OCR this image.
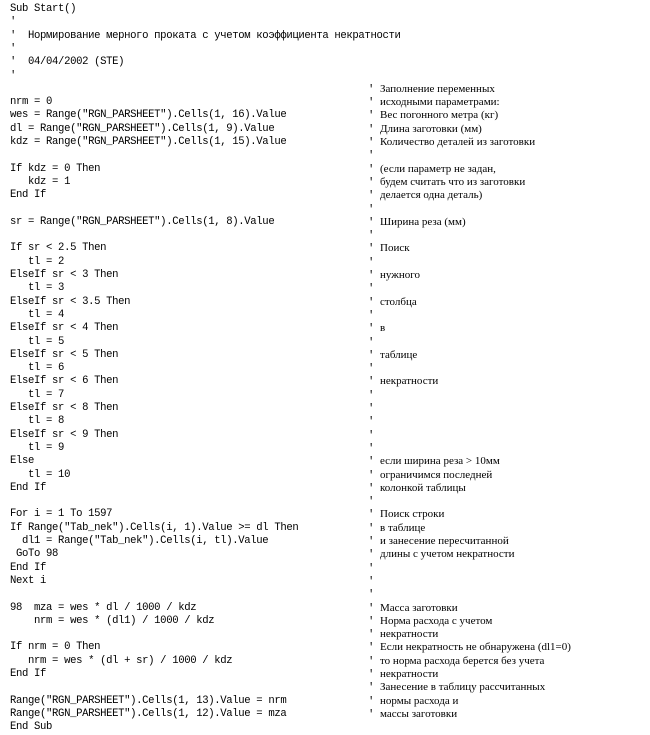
Sub Start()
'
'  Нормирование мерного проката с учетом коэффициента некратности
'
'  04/04/2002 (STE)
'
' Заполнение переменных
nrm = 0	' исходными параметрами:
wes = Range("RGN_PARSHEET").Cells(1, 16).Value	' Вес погонного метра (кг)
dl = Range("RGN_PARSHEET").Cells(1, 9).Value	' Длина заготовки (мм)
kdz = Range("RGN_PARSHEET").Cells(1, 15).Value	' Количество деталей из заготовки
'
If kdz = 0 Then	' (если параметр не задан,
kdz = 1	' будем считать что из заготовки
End If	' делается одна деталь)
'
sr = Range("RGN_PARSHEET").Cells(1, 8).Value	' Ширина реза (мм)
'
If sr < 2.5 Then	' Поиск
tl = 2	'
ElseIf sr < 3 Then	' нужного
tl = 3	'
ElseIf sr < 3.5 Then	' столбца
tl = 4	'
ElseIf sr < 4 Then	' в
tl = 5	'
ElseIf sr < 5 Then	' таблице
tl = 6	'
ElseIf sr < 6 Then	' некратности
tl = 7	'
ElseIf sr < 8 Then	'
tl = 8	'
ElseIf sr < 9 Then	'
tl = 9	'
Else	' если ширина реза > 10мм
tl = 10	' ограничимся последней
End If	' колонкой таблицы
'
For i = 1 To 1597	' Поиск строки
If Range("Tab_nek").Cells(i, 1).Value >= dl Then	' в таблице
dl1 = Range("Tab_nek").Cells(i, tl).Value	' и занесение пересчитанной
GoTo 98	' длины с учетом некратности
End If	'
Next i	'
'
98  mza = wes * dl / 1000 / kdz	' Масса заготовки
nrm = wes * (dl1) / 1000 / kdz	' Норма расхода с учетом
' некратности
If nrm = 0 Then	' Если некратность не обнаружена (dl1=0)
nrm = wes * (dl + sr) / 1000 / kdz	' то норма расхода берется без учета
End If	' некратности
' Занесение в таблицу рассчитанных
Range("RGN_PARSHEET").Cells(1, 13).Value = nrm	' нормы расхода и
Range("RGN_PARSHEET").Cells(1, 12).Value = mza	' массы заготовки
End Sub
